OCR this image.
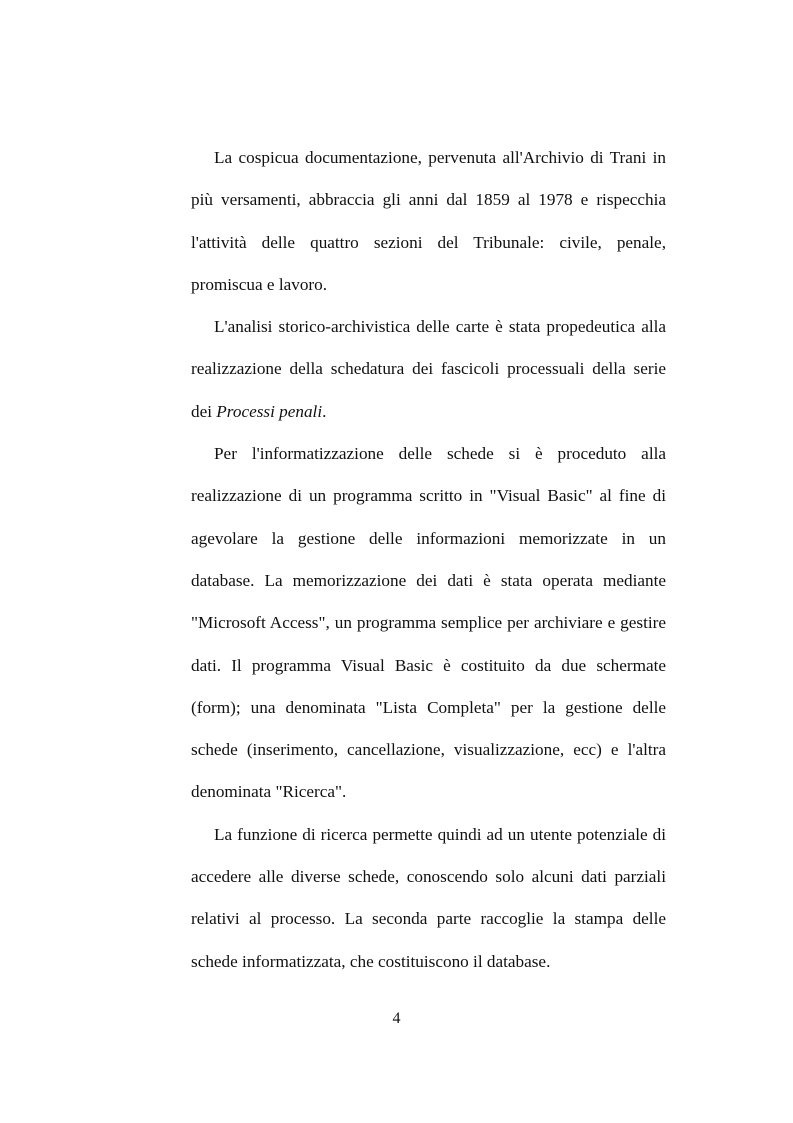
La cospicua documentazione, pervenuta all'Archivio di Trani in più versamenti, abbraccia gli anni dal 1859 al 1978 e rispecchia l'attività delle quattro sezioni del Tribunale: civile, penale, promiscua e lavoro.

L'analisi storico-archivistica delle carte è stata propedeutica alla realizzazione della schedatura dei fascicoli processuali della serie dei Processi penali.

Per l'informatizzazione delle schede si è proceduto alla realizzazione di un programma scritto in "Visual Basic" al fine di agevolare la gestione delle informazioni memorizzate in un database. La memorizzazione dei dati è stata operata mediante "Microsoft Access", un programma semplice per archiviare e gestire dati. Il programma Visual Basic è costituito da due schermate (form); una denominata "Lista Completa" per la gestione delle schede (inserimento, cancellazione, visualizzazione, ecc) e l'altra denominata "Ricerca".

La funzione di ricerca permette quindi ad un utente potenziale di accedere alle diverse schede, conoscendo solo alcuni dati parziali relativi al processo. La seconda parte raccoglie la stampa delle schede informatizzata, che costituiscono il database.

4
